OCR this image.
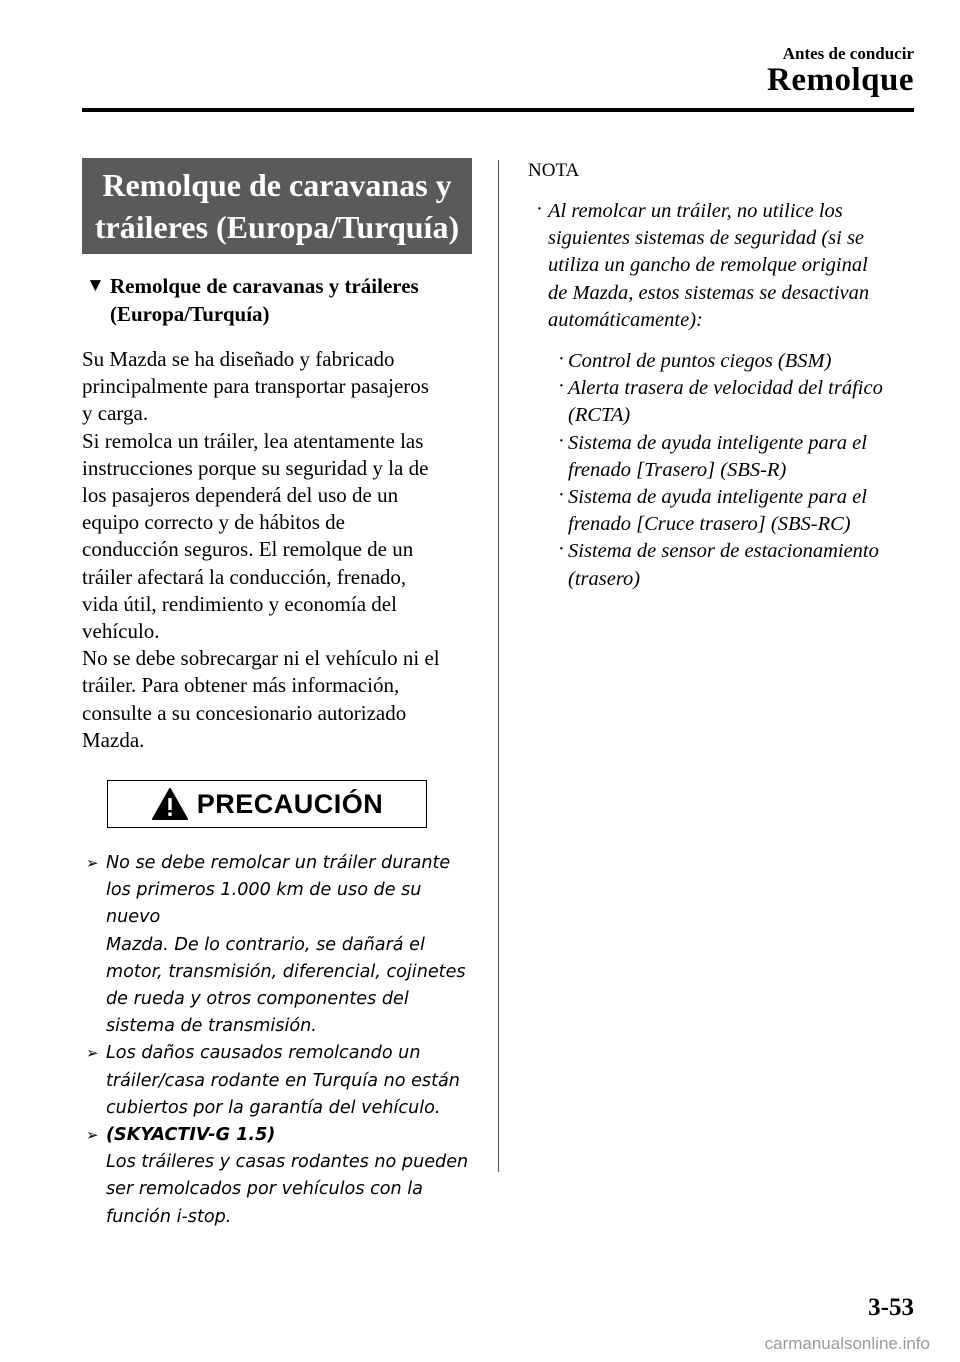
Antes de conducir
Remolque
Remolque de caravanas y
tráileres (Europa/Turquía)
▼ Remolque de caravanas y tráileres
(Europa/Turquía)

Su Mazda se ha diseñado y fabricado

principalmente para transportar pasajeros

y carga.

Si remolca un tráiler, lea atentamente las

instrucciones porque su seguridad y la de

los pasajeros dependerá del uso de un

equipo correcto y de hábitos de

conducción seguros. El remolque de un

tráiler afectará la conducción, frenado,

vida útil, rendimiento y economía del

vehículo.

No se debe sobrecargar ni el vehículo ni el

tráiler. Para obtener más información,

consulte a su concesionario autorizado

Mazda.

PRECAUCIÓN
➢ No se debe remolcar un tráiler durante
los primeros 1.000 km de uso de su nuevo
Mazda. De lo contrario, se dañará el
motor, transmisión, diferencial, cojinetes
de rueda y otros componentes del
sistema de transmisión.
➢ Los daños causados remolcando un
tráiler/casa rodante en Turquía no están
cubiertos por la garantía del vehículo.
➢ (SKYACTIV-G 1.5)
Los tráileres y casas rodantes no pueden
ser remolcados por vehículos con la
función i-stop.
NOTA
· Al remolcar un tráiler, no utilice los
siguientes sistemas de seguridad (si se
utiliza un gancho de remolque original
de Mazda, estos sistemas se desactivan
automáticamente):
· Control de puntos ciegos (BSM)
· Alerta trasera de velocidad del tráfico
(RCTA)
· Sistema de ayuda inteligente para el
frenado [Trasero] (SBS-R)
· Sistema de ayuda inteligente para el
frenado [Cruce trasero] (SBS-RC)
· Sistema de sensor de estacionamiento
(trasero)
3-53
carmanualsonline.info
